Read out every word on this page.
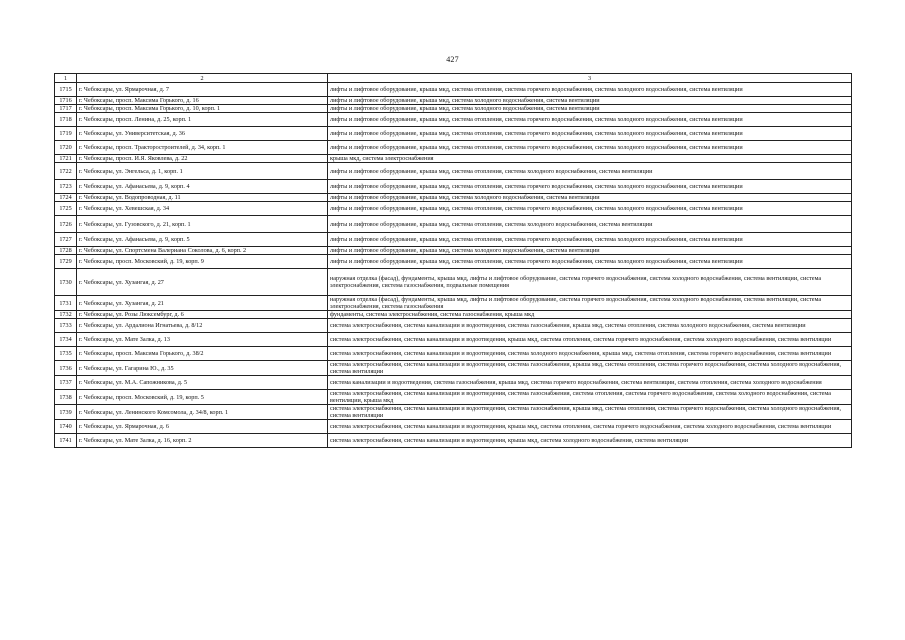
427
1	2	3
1715	г. Чебоксары, ул. Ярмарочная, д. 7	лифты и лифтовое оборудование, крыша мкд, система отопления, система горячего водоснабжения, система холодного водоснабжения, система вентиляции
1716	г. Чебоксары, просп. Максима Горького, д. 16	лифты и лифтовое оборудование, крыша мкд, система холодного водоснабжения, система вентиляции
1717	г. Чебоксары, просп. Максима Горького, д. 10, корп. 1	лифты и лифтовое оборудование, крыша мкд, система холодного водоснабжения, система вентиляции
1718	г. Чебоксары, просп. Ленина, д. 25, корп. 1	лифты и лифтовое оборудование, крыша мкд, система отопления, система горячего водоснабжения, система холодного водоснабжения, система вентиляции
1719	г. Чебоксары, ул. Университетская, д. 36	лифты и лифтовое оборудование, крыша мкд, система отопления, система горячего водоснабжения, система холодного водоснабжения, система вентиляции
1720	г. Чебоксары, просп. Тракторостроителей, д. 34, корп. 1	лифты и лифтовое оборудование, крыша мкд, система отопления, система горячего водоснабжения, система холодного водоснабжения, система вентиляции
1721	г. Чебоксары, просп. И.Я. Яковлева, д. 22	крыша мкд, система электроснабжения
1722	г. Чебоксары, ул. Энгельса, д. 1, корп. 1	лифты и лифтовое оборудование, крыша мкд, система отопления, система холодного водоснабжения, система вентиляции
1723	г. Чебоксары, ул. Афанасьева, д. 9, корп. 4	лифты и лифтовое оборудование, крыша мкд, система отопления, система горячего водоснабжения, система холодного водоснабжения, система вентиляции
1724	г. Чебоксары, ул. Водопроводная, д. 11	лифты и лифтовое оборудование, крыша мкд, система холодного водоснабжения, система вентиляции
1725	г. Чебоксары, ул. Хевешская, д. 34	лифты и лифтовое оборудование, крыша мкд, система отопления, система горячего водоснабжения, система холодного водоснабжения, система вентиляции
1726	г. Чебоксары, ул. Гузовского, д. 21, корп. 1	лифты и лифтовое оборудование, крыша мкд, система отопления, система холодного водоснабжения, система вентиляции
1727	г. Чебоксары, ул. Афанасьева, д. 9, корп. 5	лифты и лифтовое оборудование, крыша мкд, система отопления, система горячего водоснабжения, система холодного водоснабжения, система вентиляции
1728	г. Чебоксары, ул. Спортсмена Валериана Соколова, д. 6, корп. 2	лифты и лифтовое оборудование, крыша мкд, система холодного водоснабжения, система вентиляции
1729	г. Чебоксары, просп. Московский, д. 19, корп. 9	лифты и лифтовое оборудование, крыша мкд, система отопления, система горячего водоснабжения, система холодного водоснабжения, система вентиляции
1730	г. Чебоксары, ул. Хузангая, д. 27	наружная отделка (фасад), фундаменты, крыша мкд, лифты и лифтовое оборудование, система горячего водоснабжения, система холодного водоснабжения, система вентиляции, система электроснабжения, система газоснабжения, подвальные помещения
1731	г. Чебоксары, ул. Хузангая, д. 21	наружная отделка (фасад), фундаменты, крыша мкд, лифты и лифтовое оборудование, система горячего водоснабжения, система холодного водоснабжения, система вентиляции, система электроснабжения, система газоснабжения
1732	г. Чебоксары, ул. Розы Люксембург, д. 6	фундаменты, система электроснабжения, система газоснабжения, крыша мкд
1733	г. Чебоксары, ул. Ардалиона Игнатьева, д. 8/12	система электроснабжения, система канализации и водоотведения, система газоснабжения, крыша мкд, система отопления, система холодного водоснабжения, система вентиляции
1734	г. Чебоксары, ул. Мате Залка, д. 13	система электроснабжения, система канализации и водоотведения, крыша мкд, система отопления, система горячего водоснабжения, система холодного водоснабжения, система вентиляции
1735	г. Чебоксары, просп. Максима Горького, д. 38/2	система электроснабжения, система канализации и водоотведения, система холодного водоснабжения, крыша мкд, система отопления, система горячего водоснабжения, система вентиляции
1736	г. Чебоксары, ул. Гагарина Ю., д. 35	система электроснабжения, система канализации и водоотведения, система газоснабжения, крыша мкд, система отопления, система горячего водоснабжения, система холодного водоснабжения, система вентиляции
1737	г. Чебоксары, ул. М.А. Сапожникова, д. 5	система канализации и водоотведения, система газоснабжения, крыша мкд, система горячего водоснабжения, система вентиляции, система отопления, система холодного водоснабжения
1738	г. Чебоксары, просп. Московский, д. 19, корп. 5	система электроснабжения, система канализации и водоотведения, система газоснабжения, система отопления, система горячего водоснабжения, система холодного водоснабжения, система вентиляции, крыша мкд
1739	г. Чебоксары, ул. Ленинского Комсомола, д. 34/8, корп. 1	система электроснабжения, система канализации и водоотведения, система газоснабжения, крыша мкд, система отопления, система горячего водоснабжения, система холодного водоснабжения, система вентиляции
1740	г. Чебоксары, ул. Ярмарочная, д. 6	система электроснабжения, система канализации и водоотведения, крыша мкд, система отопления, система горячего водоснабжения, система холодного водоснабжения, система вентиляции
1741	г. Чебоксары, ул. Мате Залка, д. 16, корп. 2	система электроснабжения, система канализации и водоотведения, крыша мкд, система холодного водоснабжения, система вентиляции
